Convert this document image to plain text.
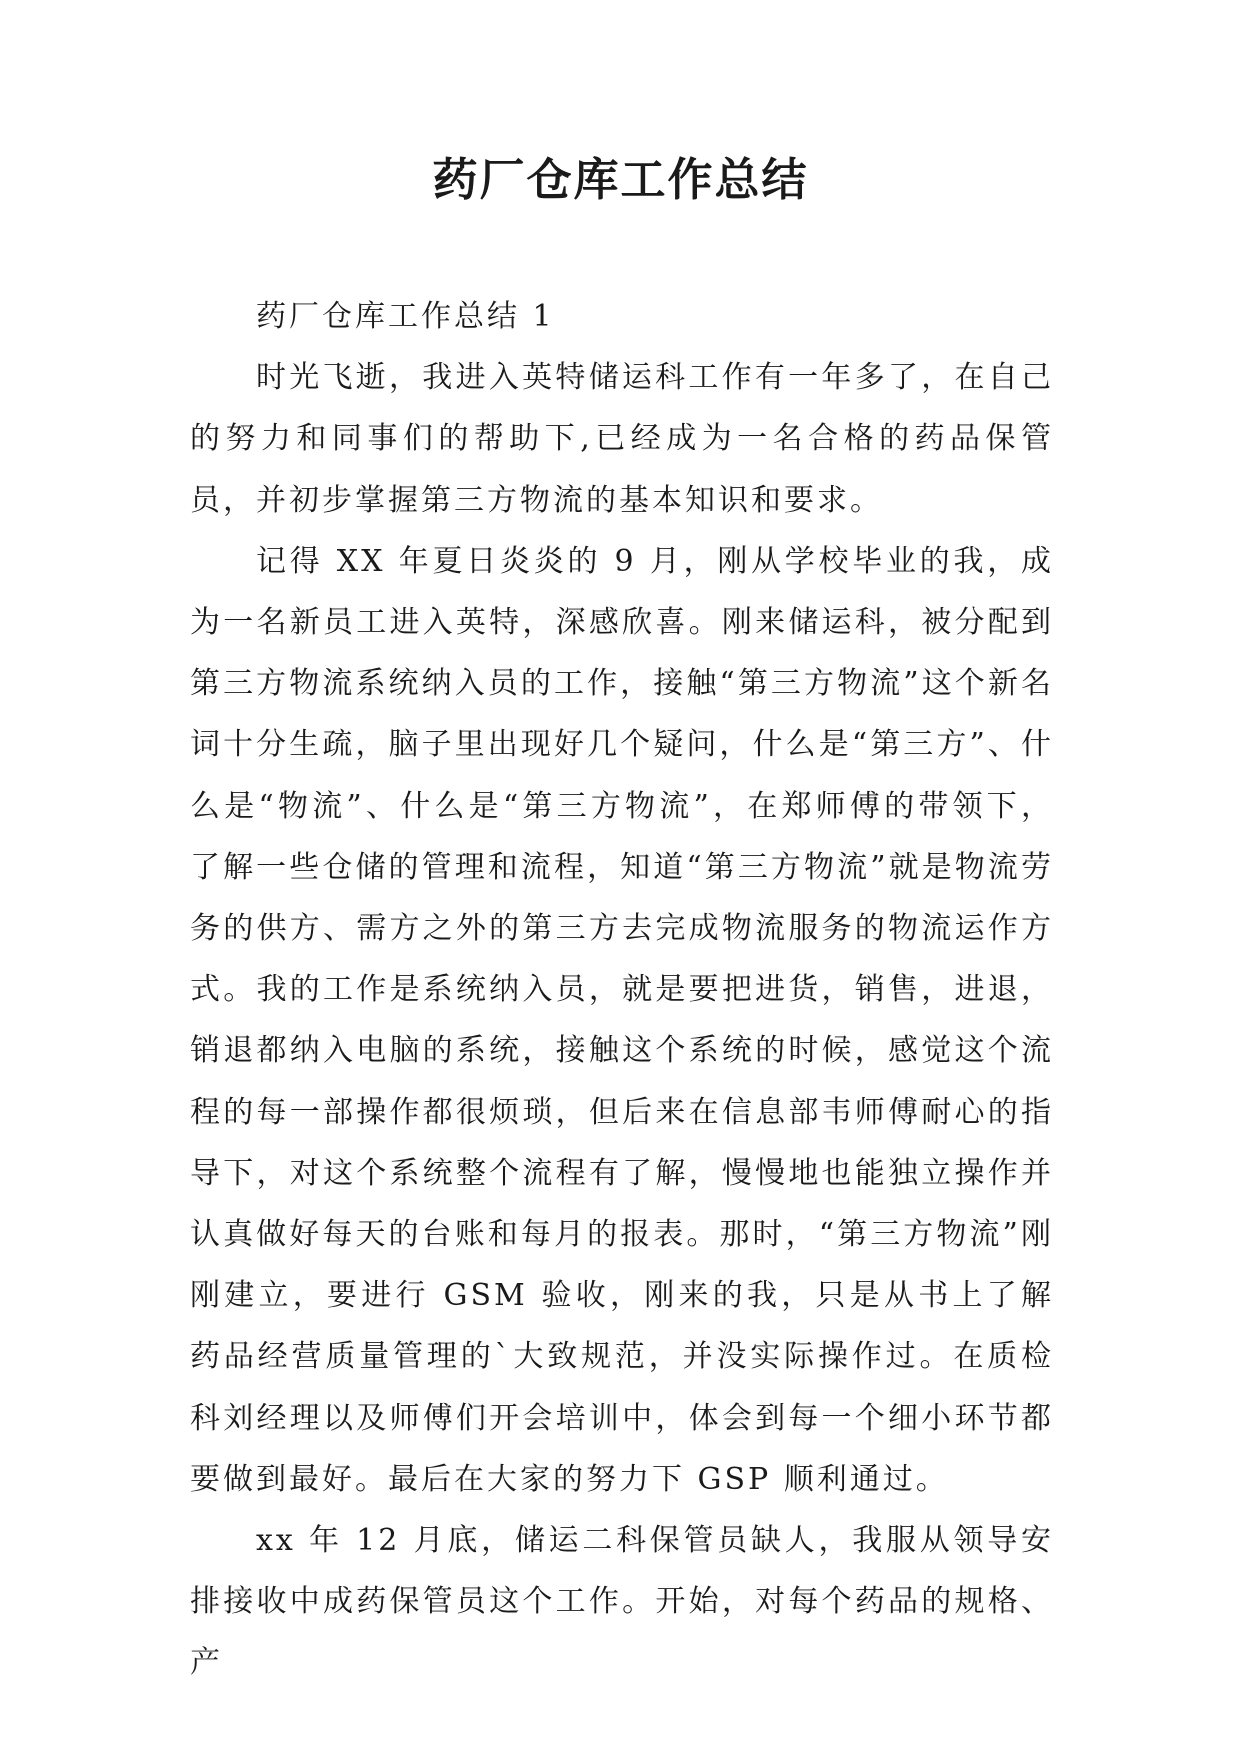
药厂仓库工作总结

药厂仓库工作总结 1

时光飞逝，我进入英特储运科工作有一年多了，在自己的努力和同事们的帮助下,已经成为一名合格的药品保管员，并初步掌握第三方物流的基本知识和要求。

记得 XX 年夏日炎炎的 9 月，刚从学校毕业的我，成为一名新员工进入英特，深感欣喜。刚来储运科，被分配到第三方物流系统纳入员的工作，接触“第三方物流”这个新名词十分生疏，脑子里出现好几个疑问，什么是“第三方”、什么是“物流”、什么是“第三方物流”，在郑师傅的带领下，了解一些仓储的管理和流程，知道“第三方物流”就是物流劳务的供方、需方之外的第三方去完成物流服务的物流运作方式。我的工作是系统纳入员，就是要把进货，销售，进退，销退都纳入电脑的系统，接触这个系统的时候，感觉这个流程的每一部操作都很烦琐，但后来在信息部韦师傅耐心的指导下，对这个系统整个流程有了解，慢慢地也能独立操作并认真做好每天的台账和每月的报表。那时，“第三方物流”刚刚建立，要进行 GSM 验收，刚来的我，只是从书上了解药品经营质量管理的`大致规范，并没实际操作过。在质检科刘经理以及师傅们开会培训中，体会到每一个细小环节都要做到最好。最后在大家的努力下 GSP 顺利通过。

xx 年 12 月底，储运二科保管员缺人，我服从领导安排接收中成药保管员这个工作。开始，对每个药品的规格、产
